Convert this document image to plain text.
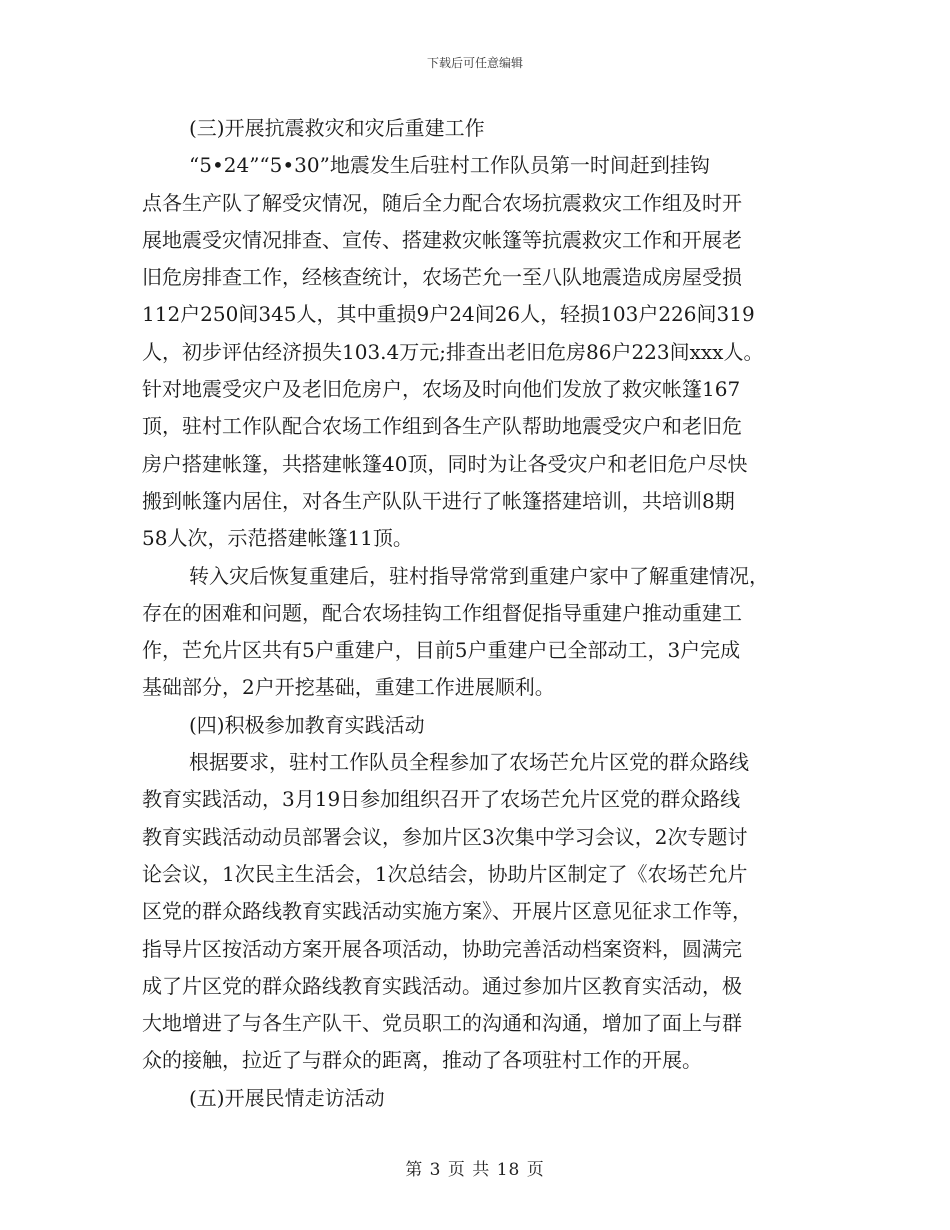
下载后可任意编辑
(三)开展抗震救灾和灾后重建工作
“5•24”“5•30”地震发生后驻村工作队员第一时间赶到挂钩
点各生产队了解受灾情况，随后全力配合农场抗震救灾工作组及时开
展地震受灾情况排查、宣传、搭建救灾帐篷等抗震救灾工作和开展老
旧危房排查工作，经核查统计，农场芒允一至八队地震造成房屋受损
112户250间345人，其中重损9户24间26人，轻损103户226间319
人，初步评估经济损失103.4万元;排查出老旧危房86户223间xxx人。
针对地震受灾户及老旧危房户，农场及时向他们发放了救灾帐篷167
顶，驻村工作队配合农场工作组到各生产队帮助地震受灾户和老旧危
房户搭建帐篷，共搭建帐篷40顶，同时为让各受灾户和老旧危户尽快
搬到帐篷内居住，对各生产队队干进行了帐篷搭建培训，共培训8期
58人次，示范搭建帐篷11顶。
转入灾后恢复重建后，驻村指导常常到重建户家中了解重建情况，
存在的困难和问题，配合农场挂钩工作组督促指导重建户推动重建工
作，芒允片区共有5户重建户，目前5户重建户已全部动工，3户完成
基础部分，2户开挖基础，重建工作进展顺利。
(四)积极参加教育实践活动
根据要求，驻村工作队员全程参加了农场芒允片区党的群众路线
教育实践活动，3月19日参加组织召开了农场芒允片区党的群众路线
教育实践活动动员部署会议，参加片区3次集中学习会议，2次专题讨
论会议，1次民主生活会，1次总结会，协助片区制定了《农场芒允片
区党的群众路线教育实践活动实施方案》、开展片区意见征求工作等，
指导片区按活动方案开展各项活动，协助完善活动档案资料，圆满完
成了片区党的群众路线教育实践活动。通过参加片区教育实活动，极
大地增进了与各生产队干、党员职工的沟通和沟通，增加了面上与群
众的接触，拉近了与群众的距离，推动了各项驻村工作的开展。
(五)开展民情走访活动
第 3 页 共 18 页
